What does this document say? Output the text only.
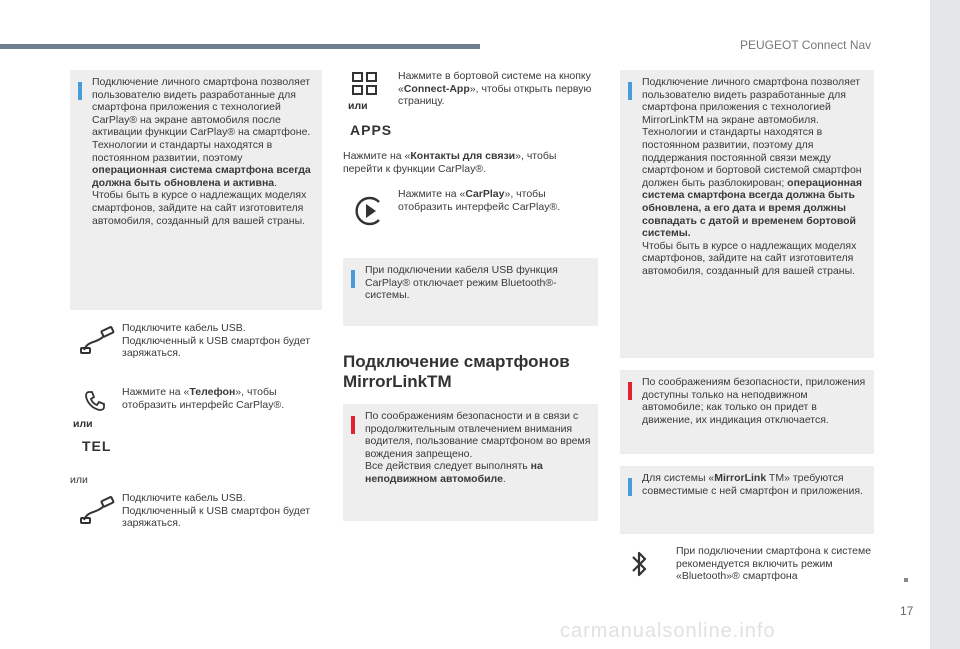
PEUGEOT Connect Nav
17
carmanualsonline.info
Подключение личного смартфона позволяет пользователю видеть разработанные для смартфона приложения с технологией CarPlay® на экране автомобиля после активации функции CarPlay® на смартфоне.
Технологии и стандарты находятся в постоянном развитии, поэтому операционная система смартфона всегда должна быть обновлена и активна.
Чтобы быть в курсе о надлежащих моделях смартфонов, зайдите на сайт изготовителя автомобиля, созданный для вашей страны.
Подключите кабель USB. Подключенный к USB смартфон будет заряжаться.
или
TEL
Нажмите на «Телефон», чтобы отобразить интерфейс CarPlay®.
или
Подключите кабель USB. Подключенный к USB смартфон будет заряжаться.
или
APPS
Нажмите в бортовой системе на кнопку «Connect-App», чтобы открыть первую страницу.
Нажмите на «Контакты для связи», чтобы перейти к функции CarPlay®.
Нажмите на «CarPlay», чтобы отобразить интерфейс CarPlay®.
При подключении кабеля USB функция CarPlay® отключает режим Bluetooth®-системы.
Подключение смартфонов
MirrorLinkTM
По соображениям безопасности и в связи с продолжительным отвлечением внимания водителя, пользование смартфоном во время вождения запрещено.
Все действия следует выполнять на неподвижном автомобиле.
Подключение личного смартфона позволяет пользователю видеть разработанные для смартфона приложения с технологией MirrorLinkTM на экране автомобиля.
Технологии и стандарты находятся в постоянном развитии, поэтому для поддержания постоянной связи между смартфоном и бортовой системой смартфон должен быть разблокирован; операционная система смартфона всегда должна быть обновлена, а его дата и время должны совпадать с датой и временем бортовой системы.
Чтобы быть в курсе о надлежащих моделях смартфонов, зайдите на сайт изготовителя автомобиля, созданный для вашей страны.
По соображениям безопасности, приложения доступны только на неподвижном автомобиле; как только он придет в движение, их индикация отключается.
Для системы «MirrorLink TM» требуются совместимые с ней смартфон и приложения.
При подключении смартфона к системе рекомендуется включить режим «Bluetooth»® смартфона
